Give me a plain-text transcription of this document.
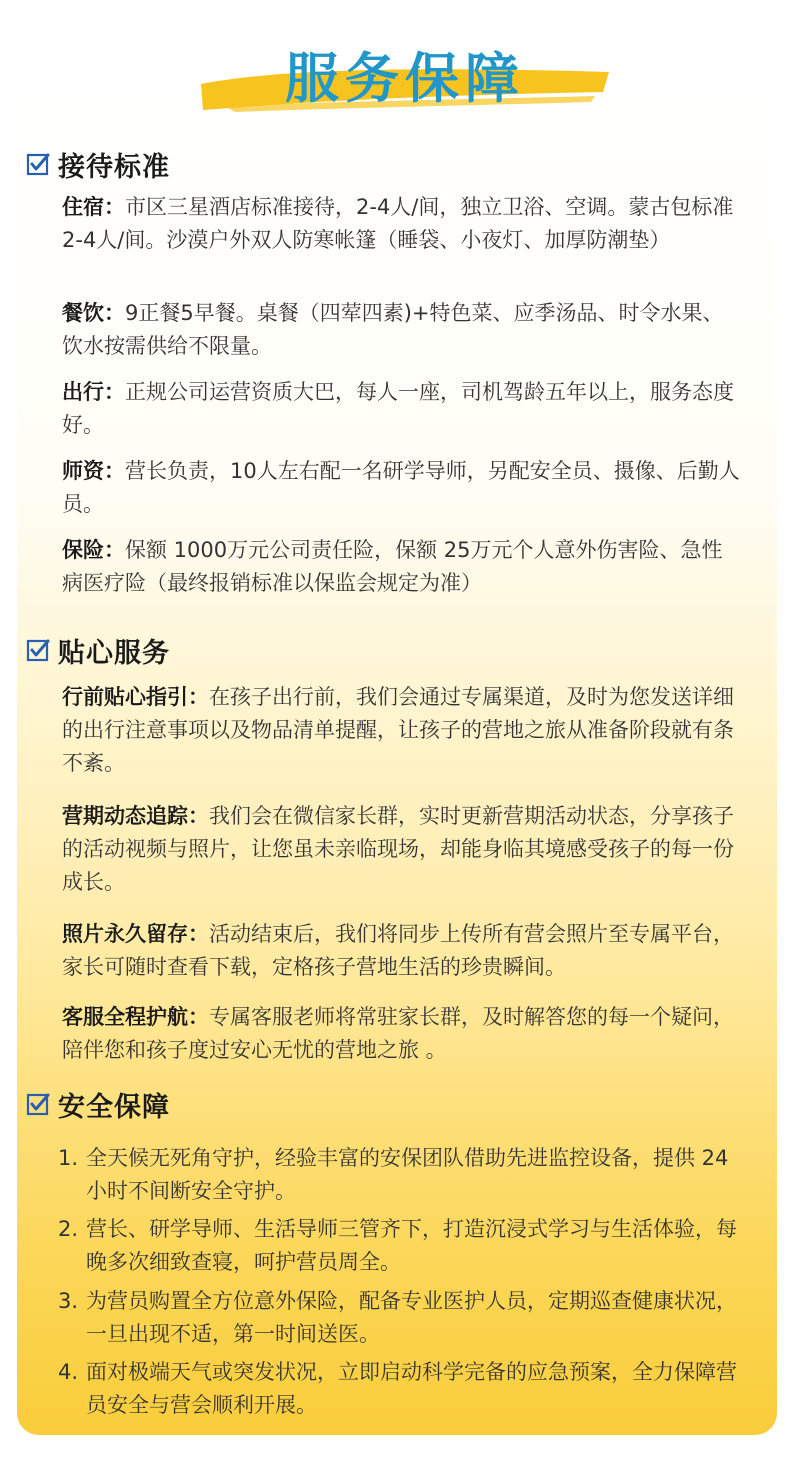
服务保障
接待标准
住宿：市区三星酒店标准接待，2-4人/间，独立卫浴、空调。蒙古包标准 2-4人/间。沙漠户外双人防寒帐篷（睡袋、小夜灯、加厚防潮垫）
餐饮：9正餐5早餐。桌餐（四荤四素)+特色菜、应季汤品、时令水果、饮水按需供给不限量。
出行：正规公司运营资质大巴，每人一座，司机驾龄五年以上，服务态度好。
师资：营长负责，10人左右配一名研学导师，另配安全员、摄像、后勤人员。
保险：保额 1000万元公司责任险，保额 25万元个人意外伤害险、急性病医疗险（最终报销标准以保监会规定为准）
贴心服务
行前贴心指引：在孩子出行前，我们会通过专属渠道，及时为您发送详细的出行注意事项以及物品清单提醒，让孩子的营地之旅从准备阶段就有条不紊。
营期动态追踪：我们会在微信家长群，实时更新营期活动状态，分享孩子的活动视频与照片，让您虽未亲临现场，却能身临其境感受孩子的每一份成长。
照片永久留存：活动结束后，我们将同步上传所有营会照片至专属平台，家长可随时查看下载，定格孩子营地生活的珍贵瞬间。
客服全程护航：专属客服老师将常驻家长群，及时解答您的每一个疑问，陪伴您和孩子度过安心无忧的营地之旅 。
安全保障
1. 全天候无死角守护，经验丰富的安保团队借助先进监控设备，提供 24 小时不间断安全守护。
2. 营长、研学导师、生活导师三管齐下，打造沉浸式学习与生活体验，每晚多次细致查寝，呵护营员周全。
3. 为营员购置全方位意外保险，配备专业医护人员，定期巡查健康状况，一旦出现不适，第一时间送医。
4. 面对极端天气或突发状况，立即启动科学完备的应急预案，全力保障营员安全与营会顺利开展。
